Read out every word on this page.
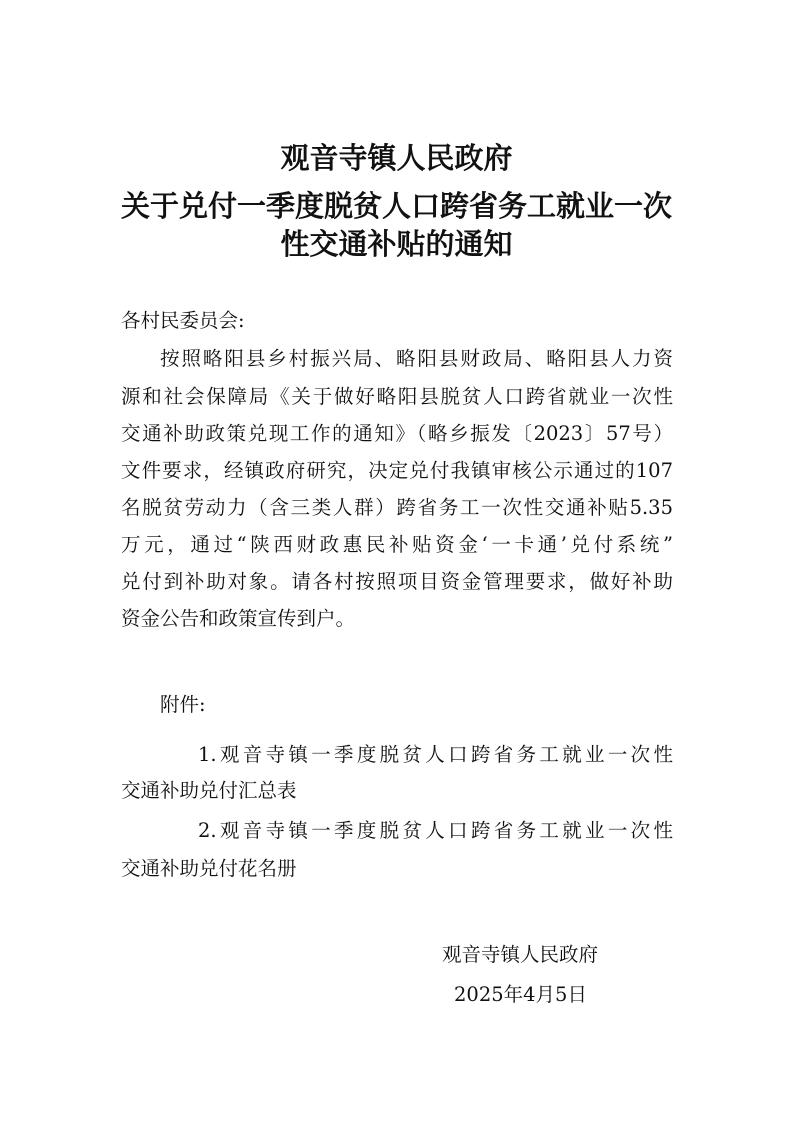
观音寺镇人民政府
关于兑付一季度脱贫人口跨省务工就业一次
性交通补贴的通知
各村民委员会:
按照略阳县乡村振兴局、略阳县财政局、略阳县人力资
源和社会保障局《关于做好略阳县脱贫人口跨省就业一次性
交通补助政策兑现工作的通知》（略乡振发〔2023〕57号）
文件要求，经镇政府研究，决定兑付我镇审核公示通过的107
名脱贫劳动力（含三类人群）跨省务工一次性交通补贴5.35
万元，通过“陕西财政惠民补贴资金‘一卡通’兑付系统”
兑付到补助对象。请各村按照项目资金管理要求，做好补助
资金公告和政策宣传到户。
附件:
1.观音寺镇一季度脱贫人口跨省务工就业一次性
交通补助兑付汇总表
2.观音寺镇一季度脱贫人口跨省务工就业一次性
交通补助兑付花名册
观音寺镇人民政府
2025年4月5日
